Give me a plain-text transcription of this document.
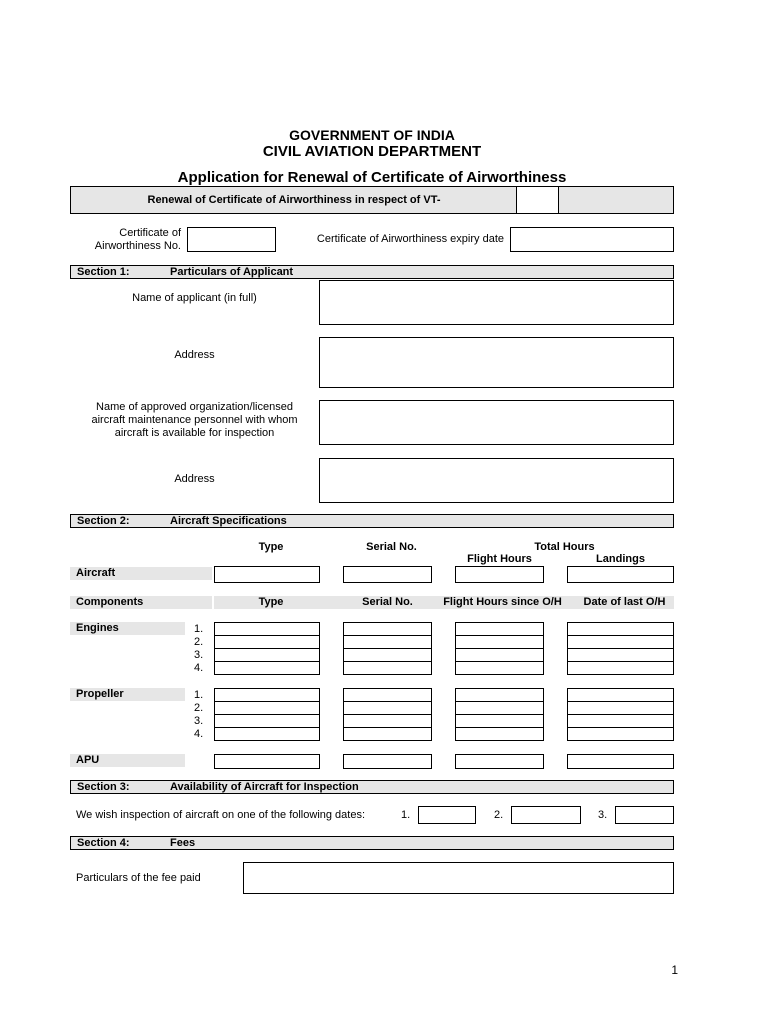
GOVERNMENT OF INDIA
CIVIL AVIATION DEPARTMENT
Application for Renewal of Certificate of Airworthiness
Renewal of Certificate of Airworthiness in respect of VT-
Certificate of
Airworthiness No.
Certificate of Airworthiness expiry date
Section 1:	Particulars of Applicant
Name of applicant (in full)
Address
Name of approved organization/licensed
aircraft maintenance personnel with whom
aircraft is available for inspection
Address
Section 2:	Aircraft Specifications
Type	Serial No.	Total Hours
Flight Hours	Landings
Aircraft
Components	Type	Serial No.	Flight Hours since O/H	Date of last O/H
Engines	1.
2.
3.
4.
Propeller	1.
2.
3.
4.
APU
Section 3:	Availability of Aircraft for Inspection
We wish inspection of aircraft on one of the following dates:	1.	2.	3.
Section 4:	Fees
Particulars of the fee paid
1
